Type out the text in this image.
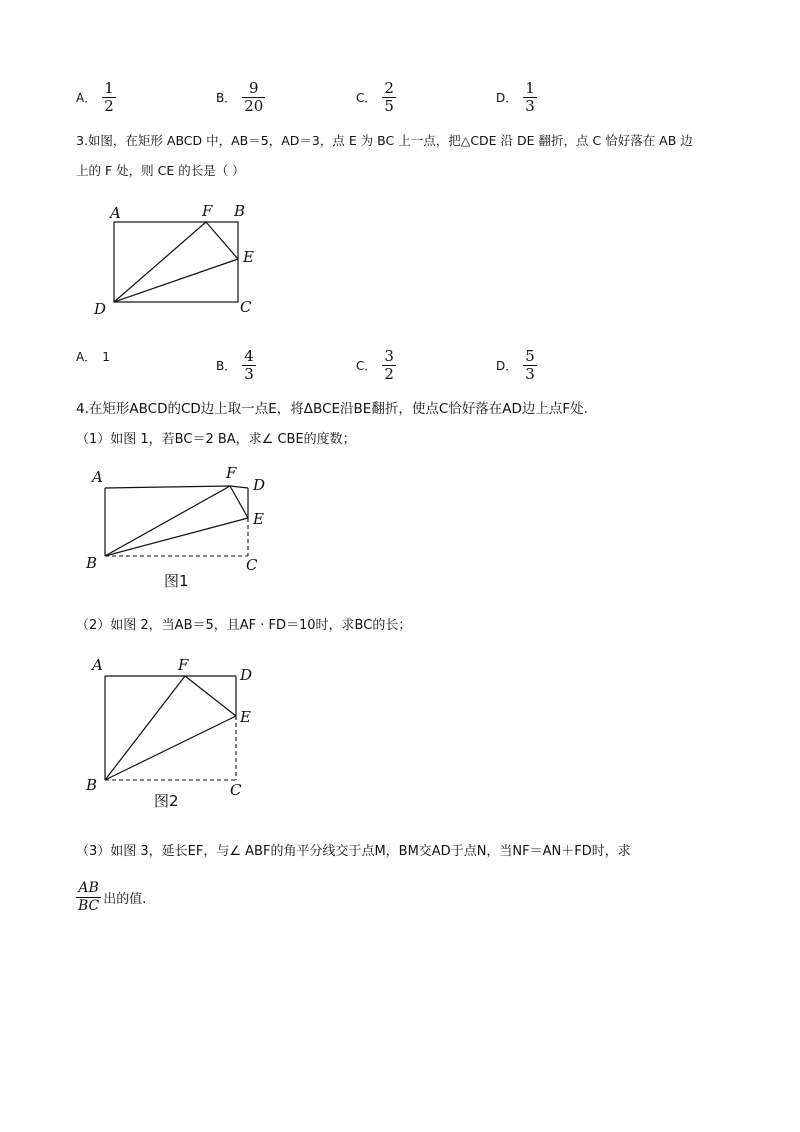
A． $\frac{1}{2}$	B． $\frac{9}{20}$	C． $\frac{2}{5}$	D． $\frac{1}{3}$
3.如图，在矩形 ABCD 中，AB＝5，AD＝3，点 E 为 BC 上一点，把△CDE 沿 DE 翻折，点 C 恰好落在 AB 边
上的 F 处，则 CE 的长是（ ）
A	F B
E
D	C
A． 1
B． $\frac{4}{3}$	C． $\frac{3}{2}$	D． $\frac{5}{3}$
4.在矩形ABCD的CD边上取一点E，将ΔBCE沿BE翻折，使点C恰好落在AD边上点F处.
（1）如图 1，若BC＝2 BA，求∠ CBE的度数；
A	F
D
E
B	C
图1
（2）如图 2，当AB＝5，且AF · FD＝10时，求BC的长；
A	F
D
E
B	C
图2
（3）如图 3，延长EF，与∠ ABF的角平分线交于点M，BM交AD于点N，当NF＝AN＋FD时，求
$\frac{AB}{BC}$ 出的值.
